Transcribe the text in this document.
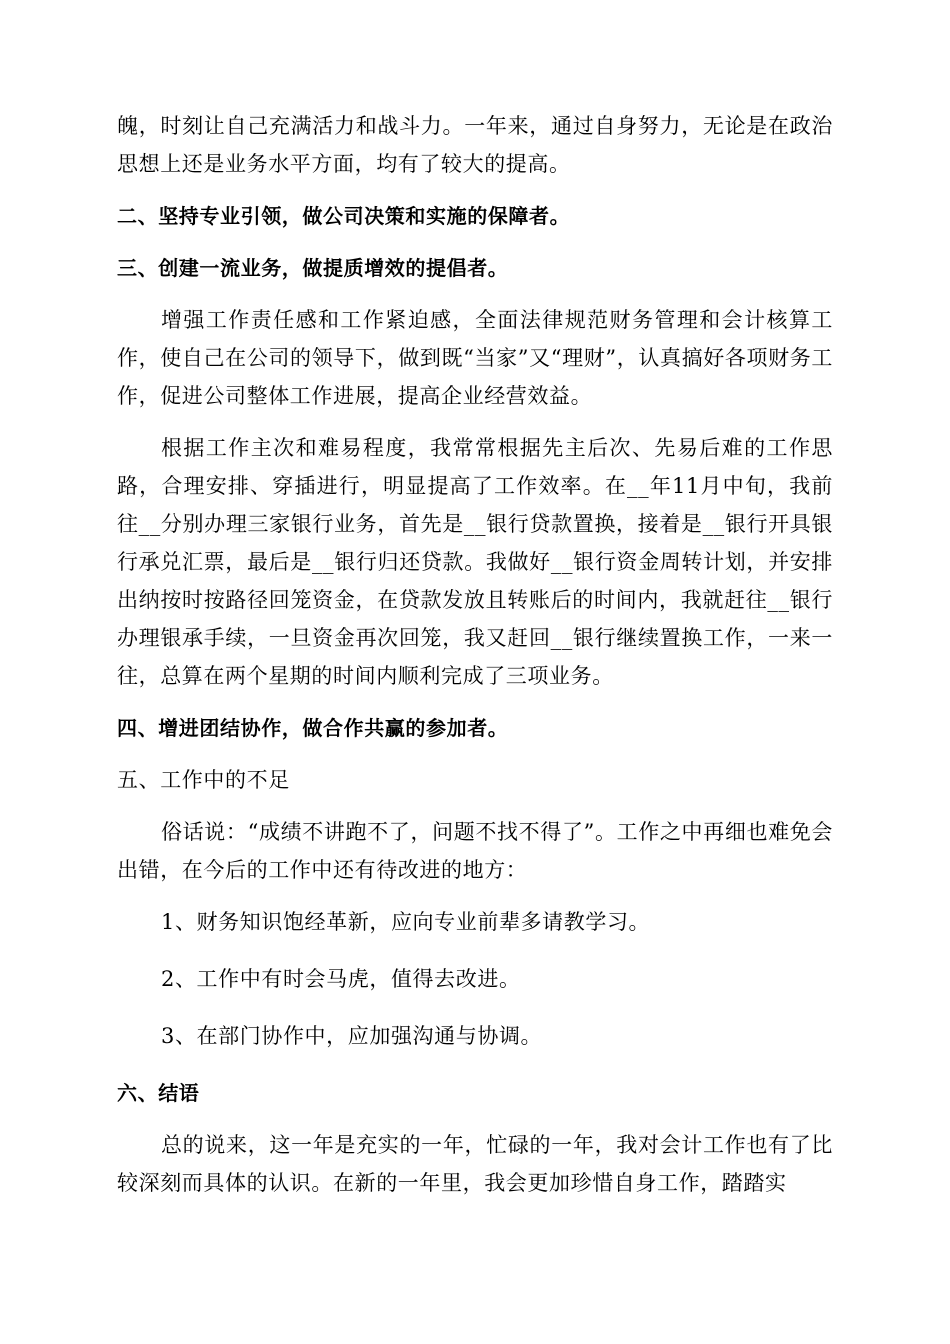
魄，时刻让自己充满活力和战斗力。一年来，通过自身努力，无论是在政治思想上还是业务水平方面，均有了较大的提高。

二、坚持专业引领，做公司决策和实施的保障者。
三、创建一流业务，做提质增效的提倡者。

增强工作责任感和工作紧迫感，全面法律规范财务管理和会计核算工作，使自己在公司的领导下，做到既“当家”又“理财”，认真搞好各项财务工作，促进公司整体工作进展，提高企业经营效益。

根据工作主次和难易程度，我常常根据先主后次、先易后难的工作思路，合理安排、穿插进行，明显提高了工作效率。在__年11月中旬，我前往__分别办理三家银行业务，首先是__银行贷款置换，接着是__银行开具银行承兑汇票，最后是__银行归还贷款。我做好__银行资金周转计划，并安排出纳按时按路径回笼资金，在贷款发放且转账后的时间内，我就赶往__银行办理银承手续，一旦资金再次回笼，我又赶回__银行继续置换工作，一来一往，总算在两个星期的时间内顺利完成了三项业务。

四、增进团结协作，做合作共赢的参加者。
五、工作中的不足

俗话说：“成绩不讲跑不了，问题不找不得了”。工作之中再细也难免会出错，在今后的工作中还有待改进的地方：

1、财务知识饱经革新，应向专业前辈多请教学习。

2、工作中有时会马虎，值得去改进。

3、在部门协作中，应加强沟通与协调。

六、结语

总的说来，这一年是充实的一年，忙碌的一年，我对会计工作也有了比较深刻而具体的认识。在新的一年里，我会更加珍惜自身工作，踏踏实
